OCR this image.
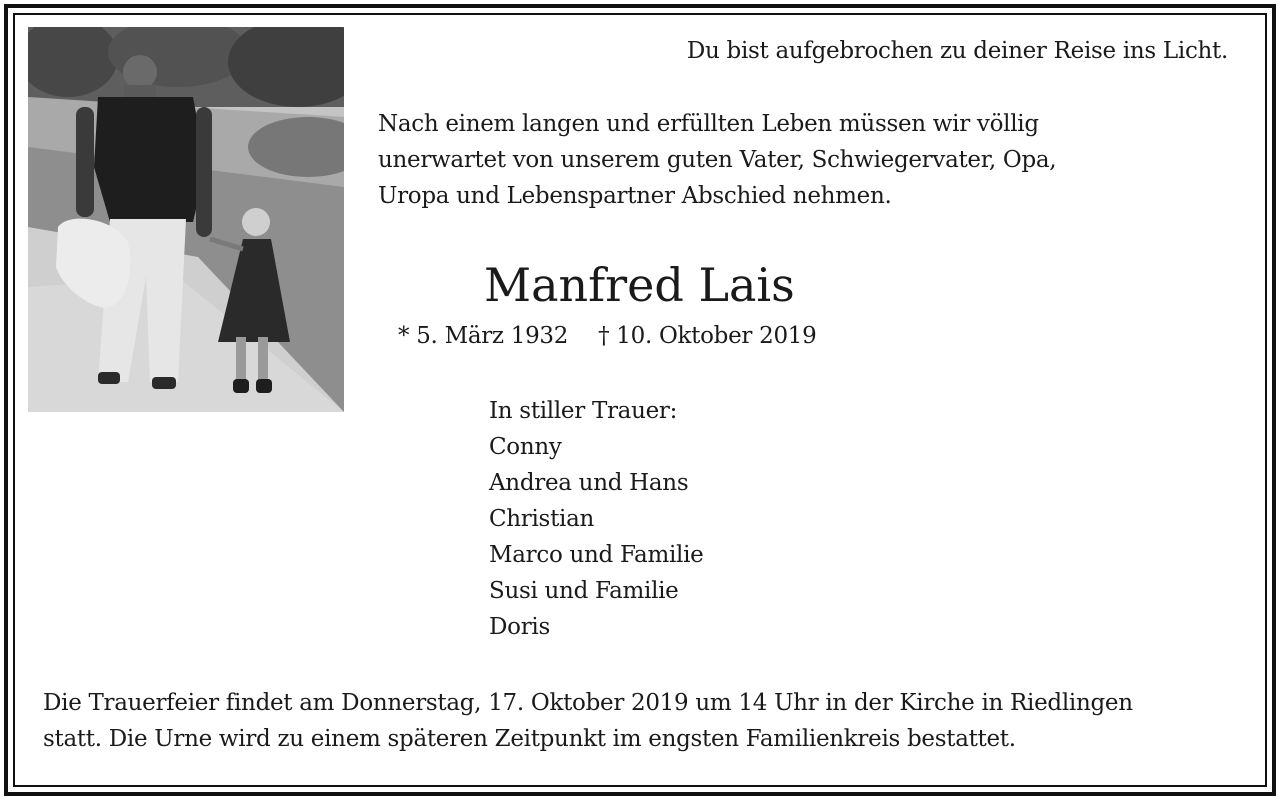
Du bist aufgebrochen zu deiner Reise ins Licht.

Nach einem langen und erfüllten Leben müssen wir völlig
unerwartet von unserem guten Vater, Schwiegervater, Opa,
Uropa und Lebenspartner Abschied nehmen.

Manfred Lais

* 5. März 1932 † 10. Oktober 2019

In stiller Trauer:
Conny
Andrea und Hans
Christian
Marco und Familie
Susi und Familie
Doris

Die Trauerfeier findet am Donnerstag, 17. Oktober 2019 um 14 Uhr in der Kirche in Riedlingen
statt. Die Urne wird zu einem späteren Zeitpunkt im engsten Familienkreis bestattet.
